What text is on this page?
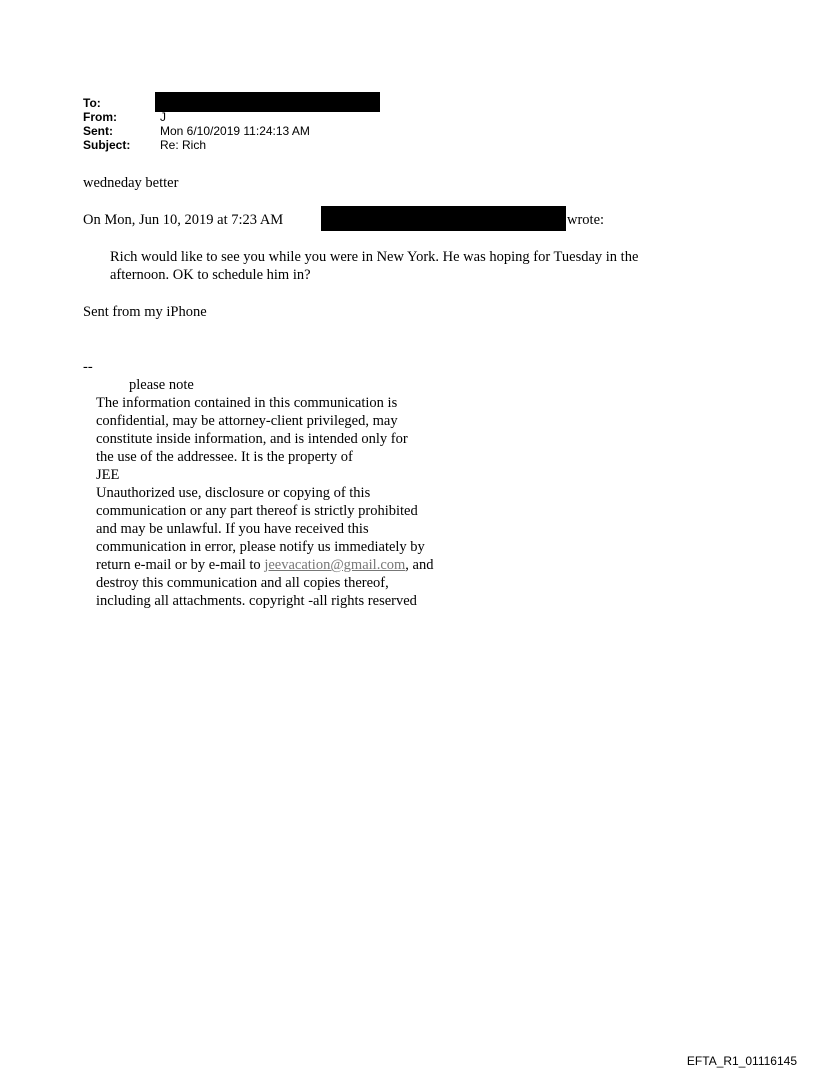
To:
From:	J
Sent:	Mon 6/10/2019 11:24:13 AM
Subject: Re: Rich
wedneday better
On Mon, Jun 10, 2019 at 7:23 AM	wrote:
Rich would like to see you while you were in New York. He was hoping for Tuesday in the
afternoon. OK to schedule him in?
Sent from my iPhone
--
please note
The information contained in this communication is
confidential, may be attorney-client privileged, may
constitute inside information, and is intended only for
the use of the addressee. It is the property of
JEE
Unauthorized use, disclosure or copying of this
communication or any part thereof is strictly prohibited
and may be unlawful. If you have received this
communication in error, please notify us immediately by
return e-mail or by e-mail to jeevacation@gmail.com, and
destroy this communication and all copies thereof,
including all attachments. copyright -all rights reserved
EFTA_R1_01116145
